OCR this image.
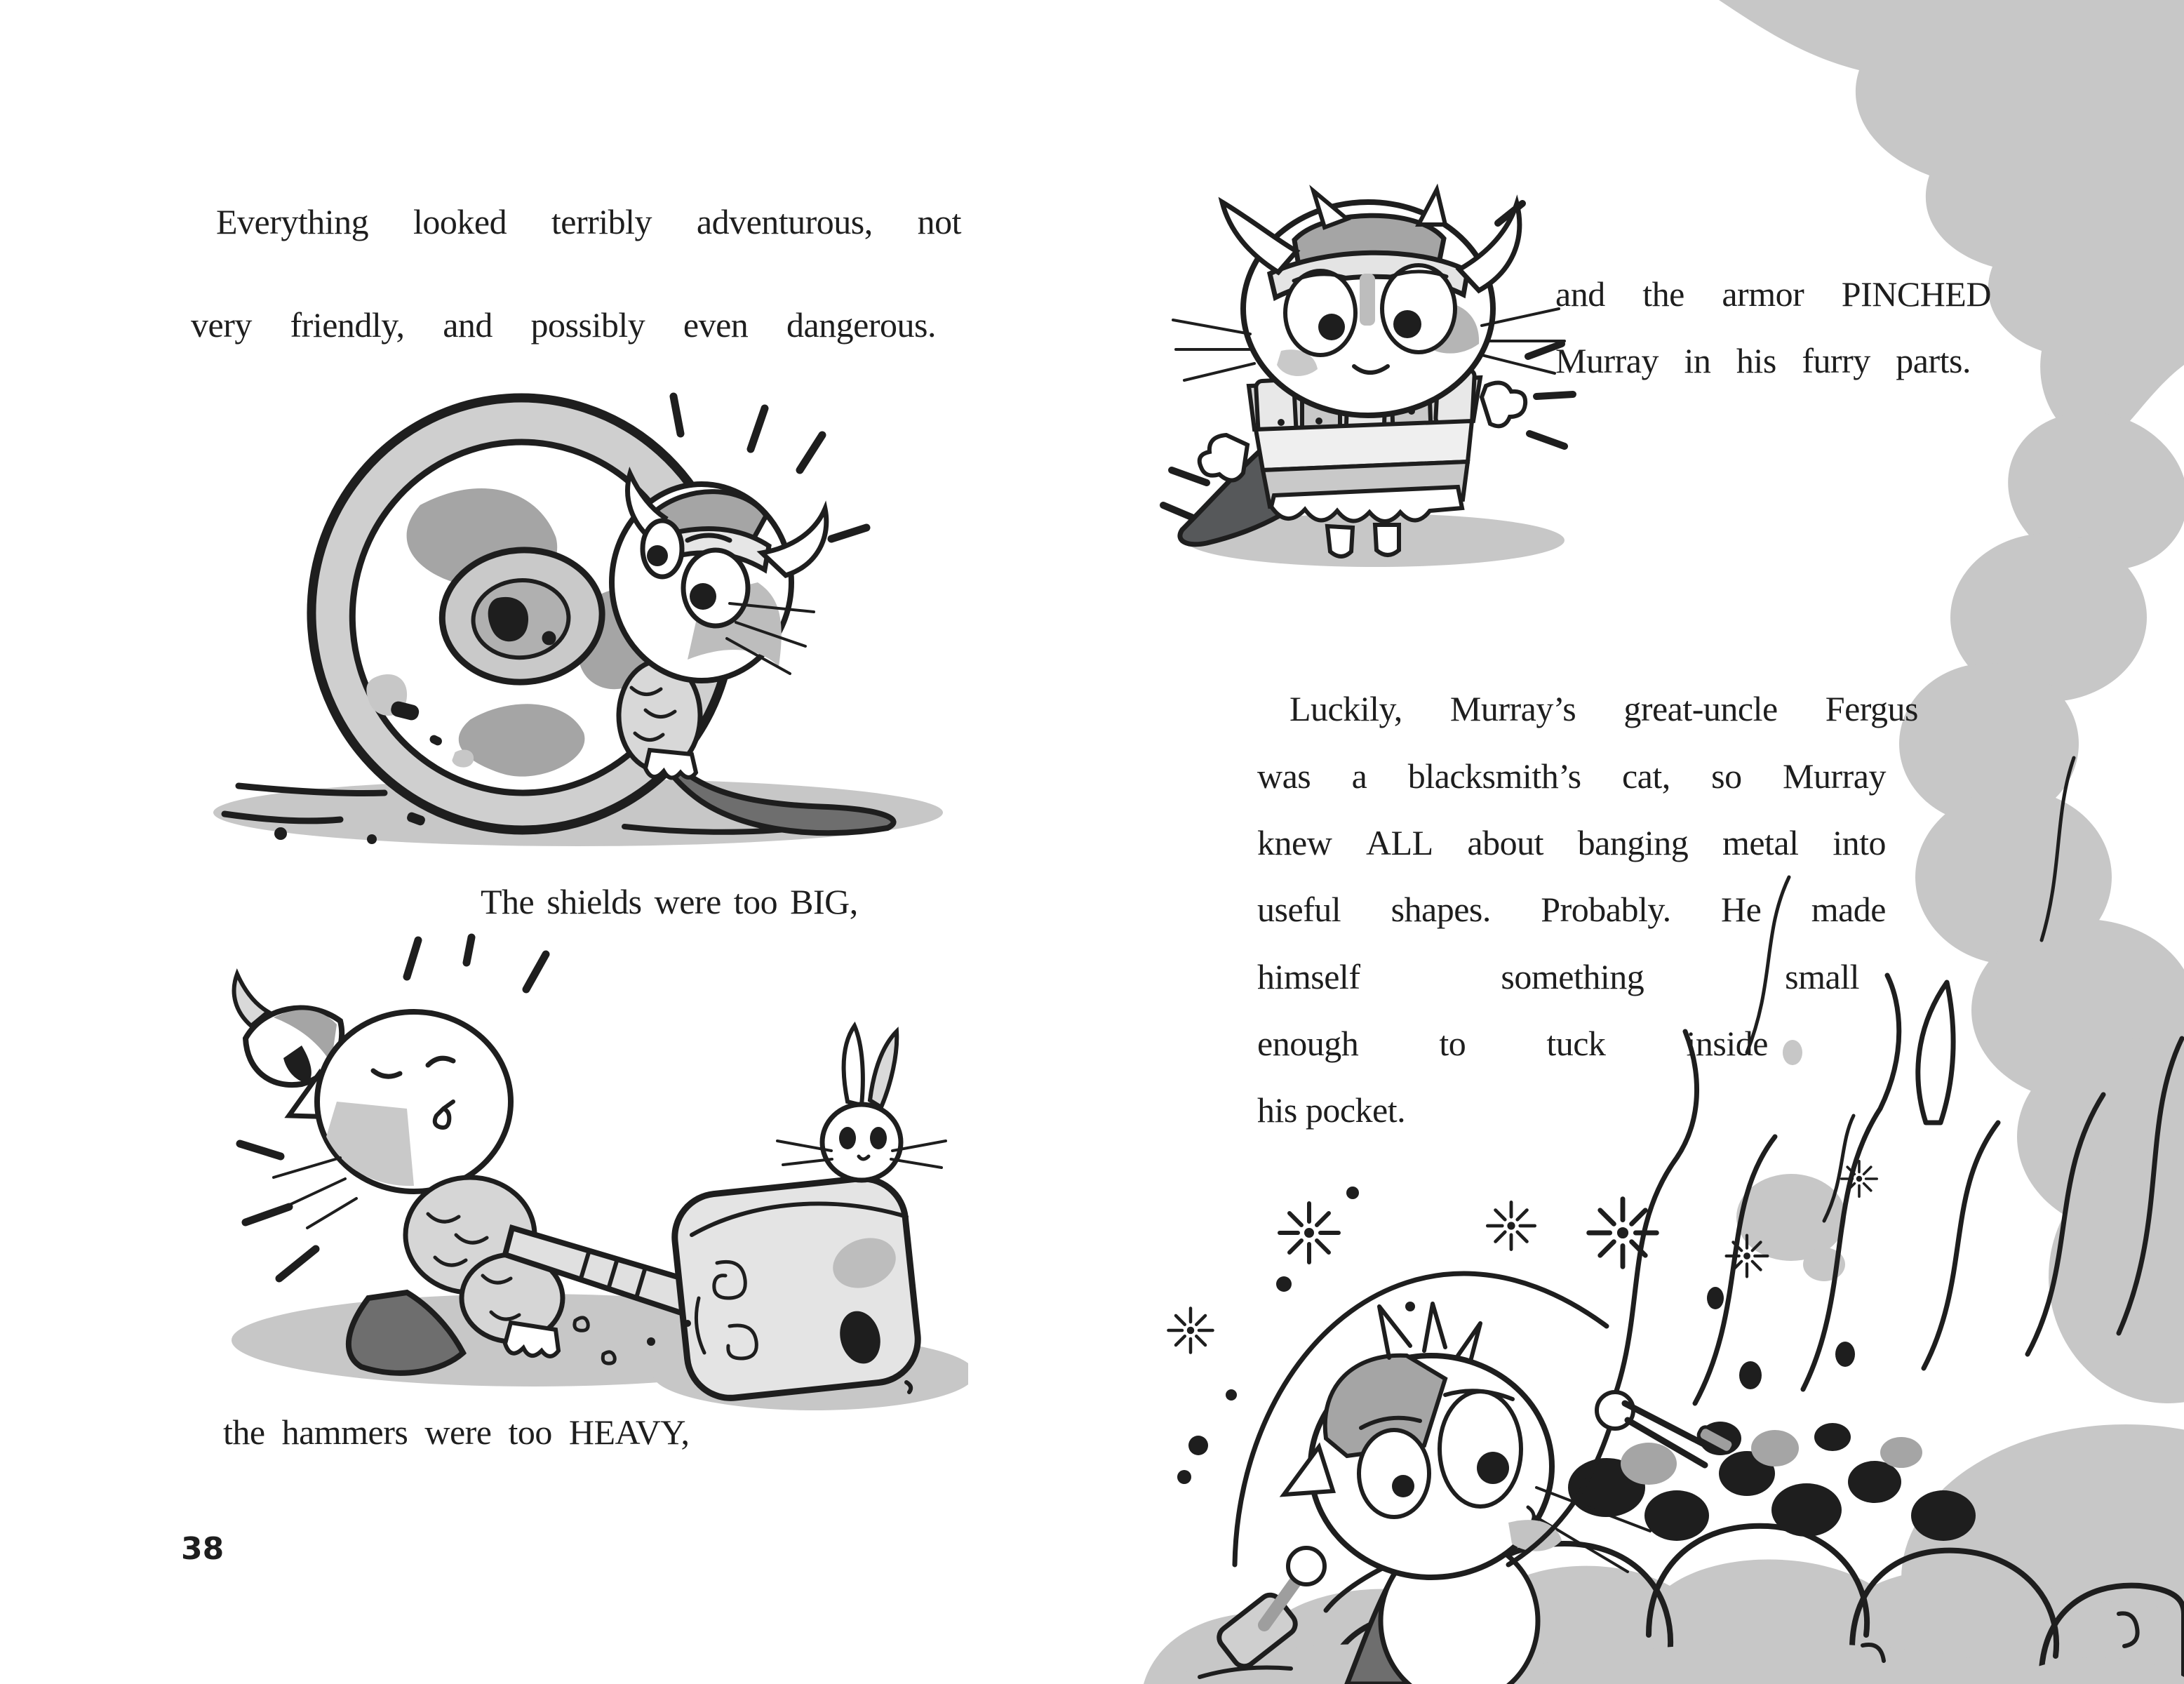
Everything looked terribly adventurous, not
very friendly, and possibly even dangerous.
The shields were too BIG,
the hammers were too HEAVY,
38
and the armor PINCHED
Murray in his furry parts.
Luckily, Murray’s great-uncle Fergus
was a blacksmith’s cat, so Murray
knew ALL about banging metal into
useful shapes. Probably. He made
himself	something	small
enough to tuck inside
his pocket.
